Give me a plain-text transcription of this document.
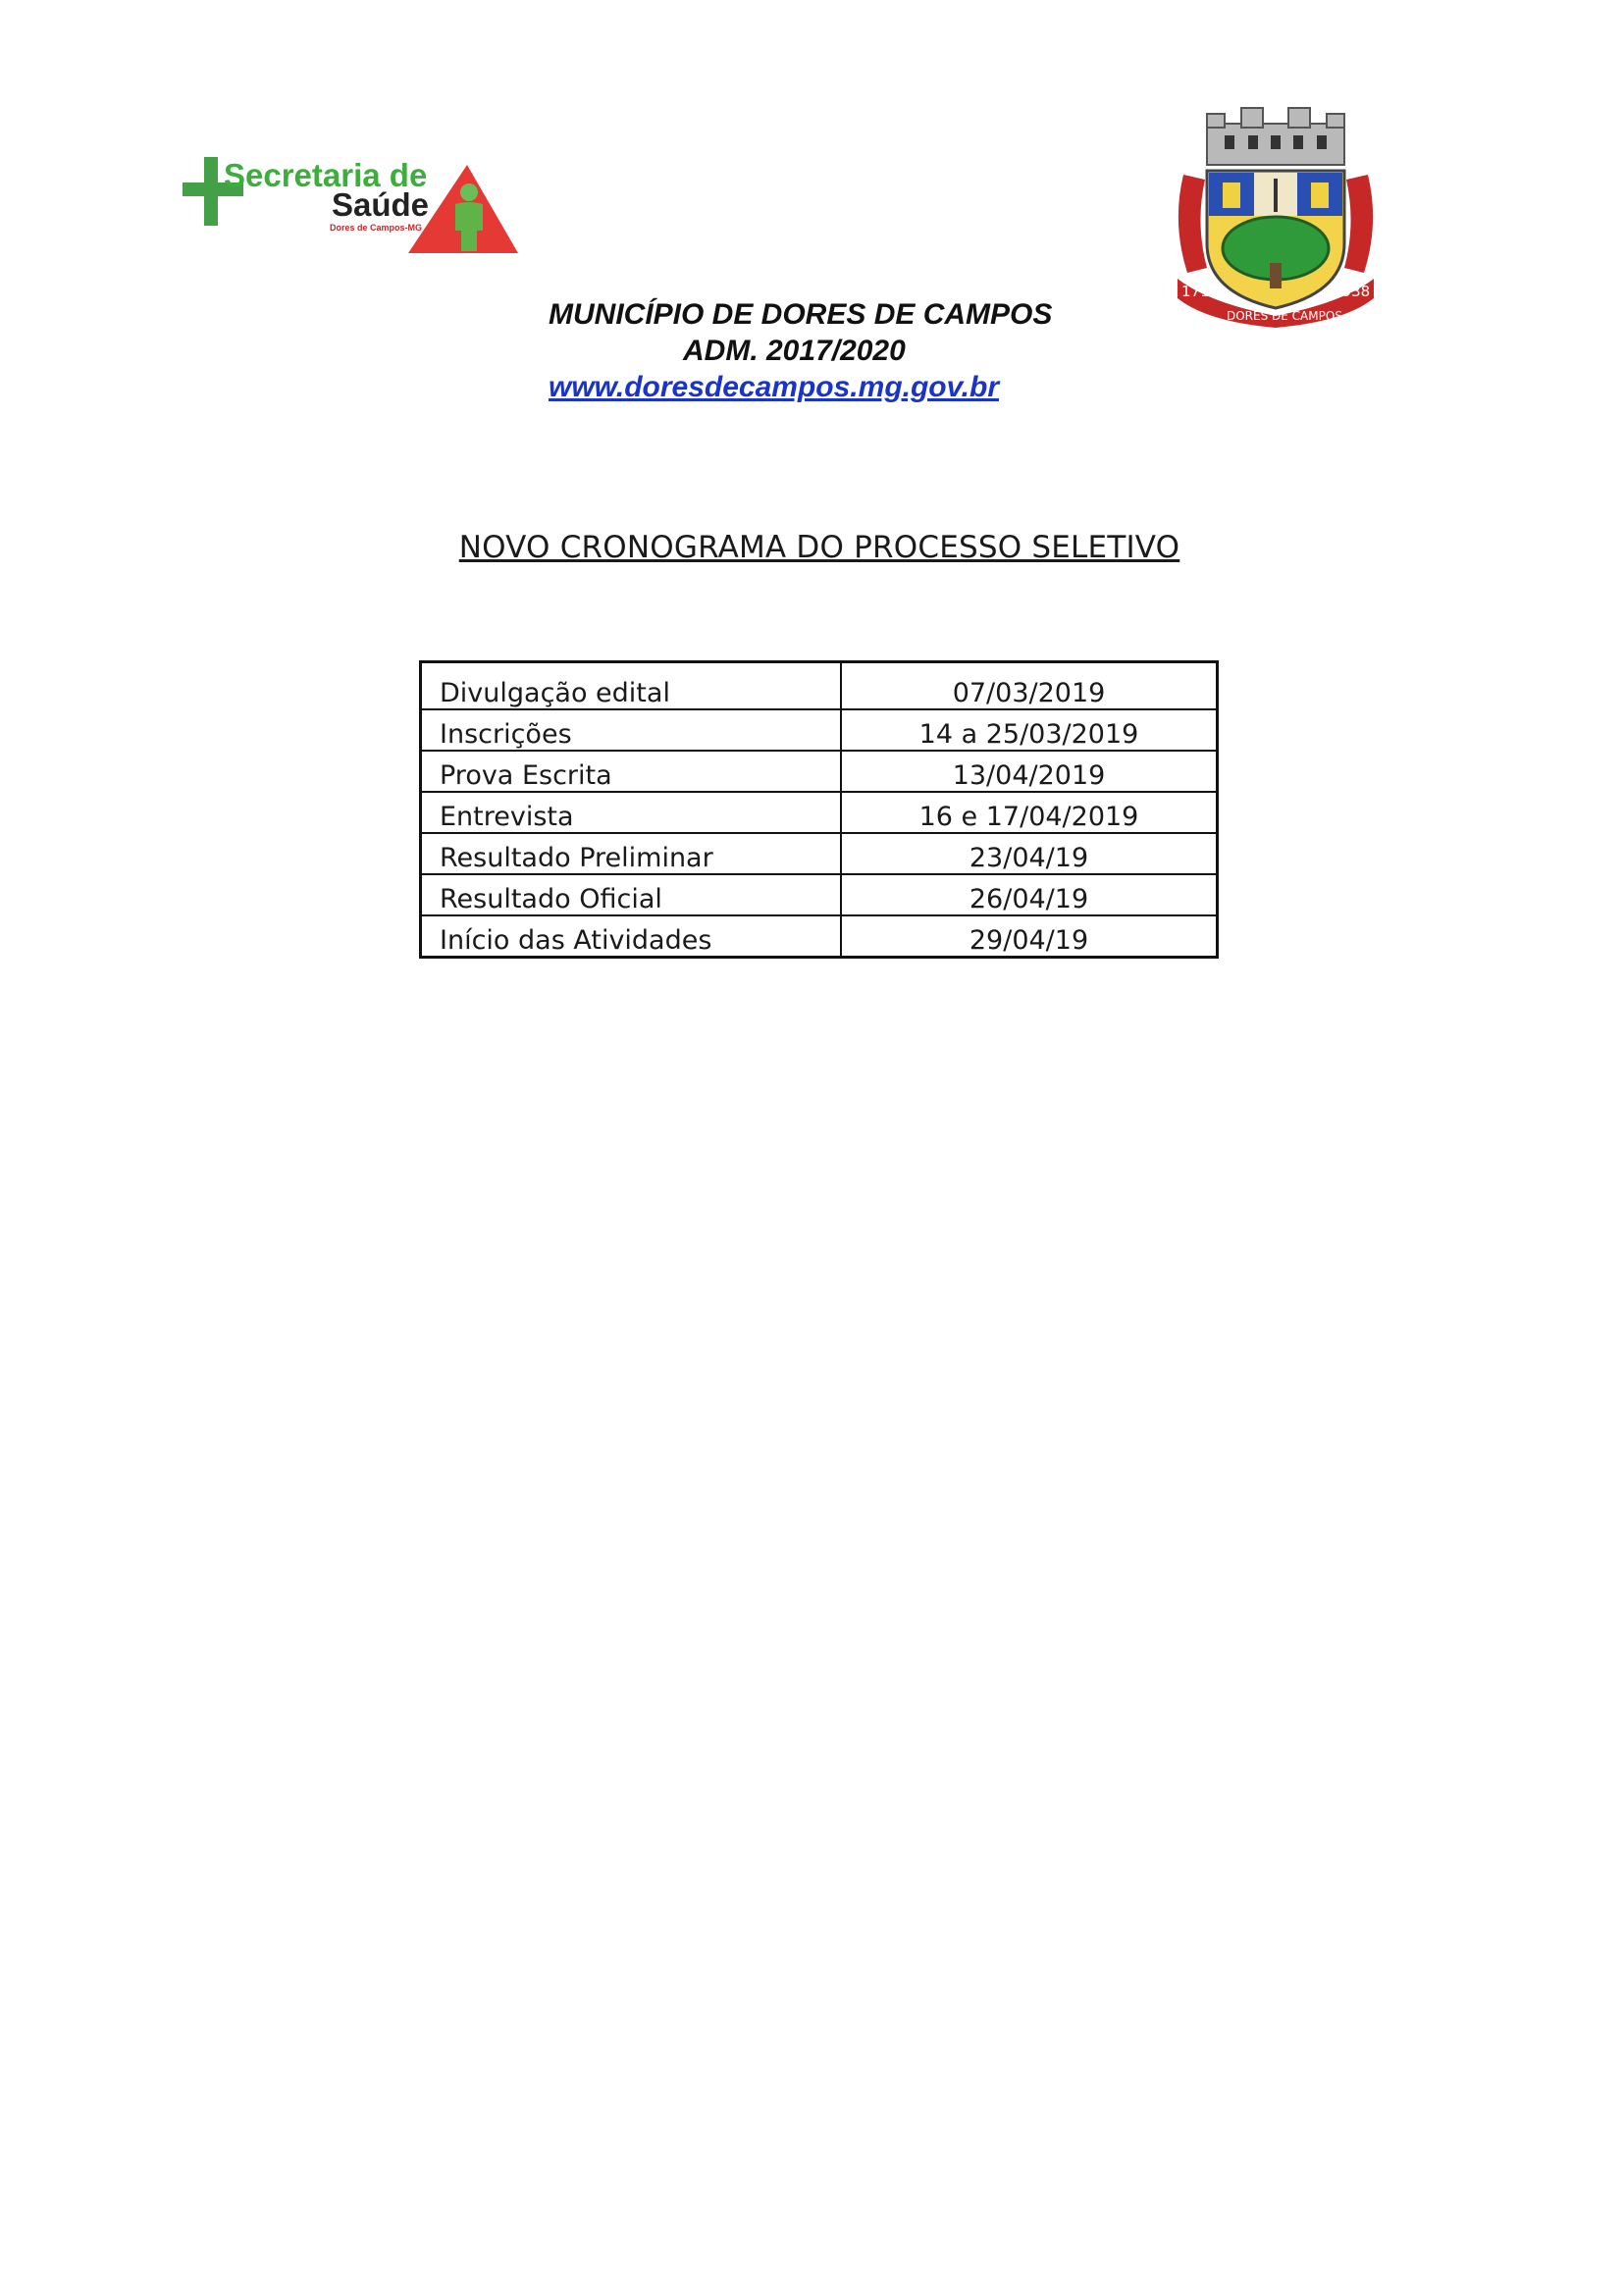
Secretaria de
Saúde
Dores de Campos-MG
1717	1938
DORES DE CAMPOS
MUNICÍPIO DE DORES DE CAMPOS
ADM. 2017/2020
www.doresdecampos.mg.gov.br
NOVO CRONOGRAMA DO PROCESSO SELETIVO
Divulgação edital	07/03/2019
Inscrições	14 a 25/03/2019
Prova Escrita	13/04/2019
Entrevista	16 e 17/04/2019
Resultado Preliminar	23/04/19
Resultado Oficial	26/04/19
Início das Atividades	29/04/19
